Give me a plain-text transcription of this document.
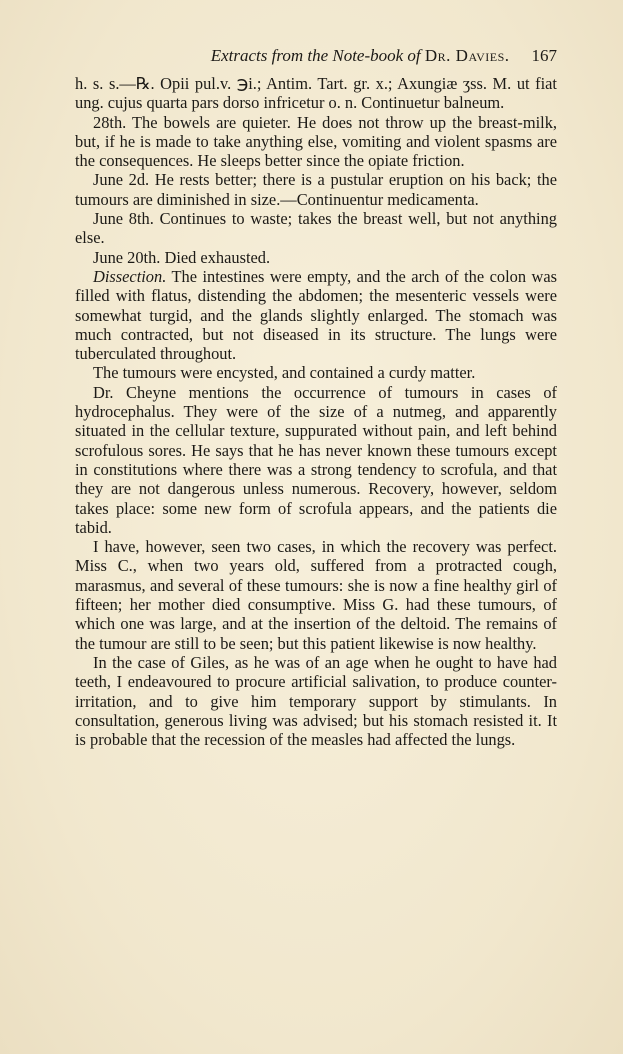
Extracts from the Note-book of Dr. Davies. 167

h. s. s.—℞. Opii pul.v. ℈i.; Antim. Tart. gr. x.; Axungiæ ʒss. M. ut fiat ung. cujus quarta pars dorso infricetur o. n. Continuetur balneum.

28th. The bowels are quieter. He does not throw up the breast-milk, but, if he is made to take anything else, vomiting and violent spasms are the consequences. He sleeps better since the opiate friction.

June 2d. He rests better; there is a pustular eruption on his back; the tumours are diminished in size.—Continuentur medicamenta.

June 8th. Continues to waste; takes the breast well, but not anything else.

June 20th. Died exhausted.

Dissection. The intestines were empty, and the arch of the colon was filled with flatus, distending the abdomen; the mesenteric vessels were somewhat turgid, and the glands slightly enlarged. The stomach was much contracted, but not diseased in its structure. The lungs were tuberculated throughout.

The tumours were encysted, and contained a curdy matter.

Dr. Cheyne mentions the occurrence of tumours in cases of hydrocephalus. They were of the size of a nutmeg, and apparently situated in the cellular texture, suppurated without pain, and left behind scrofulous sores. He says that he has never known these tumours except in constitutions where there was a strong tendency to scrofula, and that they are not dangerous unless numerous. Recovery, however, seldom takes place: some new form of scrofula appears, and the patients die tabid.

I have, however, seen two cases, in which the recovery was perfect. Miss C., when two years old, suffered from a protracted cough, marasmus, and several of these tumours: she is now a fine healthy girl of fifteen; her mother died consumptive. Miss G. had these tumours, of which one was large, and at the insertion of the deltoid. The remains of the tumour are still to be seen; but this patient likewise is now healthy.

In the case of Giles, as he was of an age when he ought to have had teeth, I endeavoured to procure artificial salivation, to produce counter-irritation, and to give him temporary support by stimulants. In consultation, generous living was advised; but his stomach resisted it. It is probable that the recession of the measles had affected the lungs.
